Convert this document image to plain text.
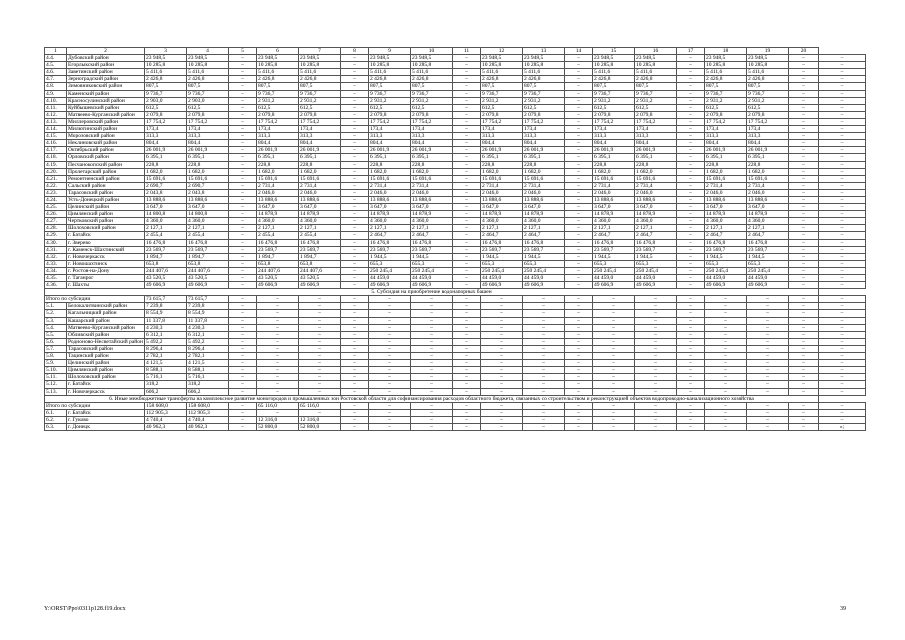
1	2	3	4	5	6	7	8	9	10	11	12	13	14	15	16	17	18	19	20	
4.4.	Дубовский район	23 948,5	23 948,5	–	23 948,5	23 948,5	–	23 948,5	23 948,5	–	23 948,5	23 948,5	–	23 948,5	23 948,5	–	23 948,5	23 948,5	–	–
4.5.	Егорлыкский район	10 285,8	10 285,8	–	10 285,8	10 285,8	–	10 285,8	10 285,8	–	10 285,8	10 285,8	–	10 285,8	10 285,8	–	10 285,8	10 285,8	–	–
4.6.	Заветинский район	5 411,6	5 411,6	–	5 411,6	5 411,6	–	5 411,6	5 411,6	–	5 411,6	5 411,6	–	5 411,6	5 411,6	–	5 411,6	5 411,6	–	–
4.7.	Зерноградский район	2 426,8	2 426,8	–	2 426,8	2 426,8	–	2 426,8	2 426,8	–	2 426,8	2 426,8	–	2 426,8	2 426,8	–	2 426,8	2 426,8	–	–
4.8.	Зимовниковский район	807,5	807,5	–	807,5	807,5	–	807,5	807,5	–	807,5	807,5	–	807,5	807,5	–	807,5	807,5	–	–
4.9.	Каменский район	9 736,7	9 736,7	–	9 736,7	9 736,7	–	9 736,7	9 736,7	–	9 736,7	9 736,7	–	9 736,7	9 736,7	–	9 736,7	9 736,7	–	–
4.10.	Красносулинский район	2 903,0	2 903,0	–	2 931,2	2 931,2	–	2 931,2	2 931,2	–	2 931,2	2 931,2	–	2 931,2	2 931,2	–	2 931,2	2 931,2	–	–
4.11.	Куйбышевский район	612,5	612,5	–	612,5	612,5	–	612,5	612,5	–	612,5	612,5	–	612,5	612,5	–	612,5	612,5	–	–
4.12.	Матвеево-Курганский район	2 079,8	2 079,8	–	2 079,8	2 079,8	–	2 079,8	2 079,8	–	2 079,8	2 079,8	–	2 079,8	2 079,8	–	2 079,8	2 079,8	–	–
4.13.	Миллеровский район	17 754,2	17 754,2	–	17 754,2	17 754,2	–	17 754,2	17 754,2	–	17 754,2	17 754,2	–	17 754,2	17 754,2	–	17 754,2	17 754,2	–	–
4.14.	Милютинский район	173,4	173,4	–	173,4	173,4	–	173,4	173,4	–	173,4	173,4	–	173,4	173,4	–	173,4	173,4	–	–
4.15.	Морозовский район	313,3	313,3	–	313,3	313,3	–	313,3	313,3	–	313,3	313,3	–	313,3	313,3	–	313,3	313,3	–	–
4.16.	Неклиновский район	804,4	804,4	–	804,4	804,4	–	804,4	804,4	–	804,4	804,4	–	804,4	804,4	–	804,4	804,4	–	–
4.17.	Октябрьский район	26 001,9	26 001,9	–	26 001,9	26 001,9	–	26 001,9	26 001,9	–	26 001,9	26 001,9	–	26 001,9	26 001,9	–	26 001,9	26 001,9	–	–
4.18.	Орловский район	6 395,1	6 395,1	–	6 395,1	6 395,1	–	6 395,1	6 395,1	–	6 395,1	6 395,1	–	6 395,1	6 395,1	–	6 395,1	6 395,1	–	–
4.19.	Песчанокопский район	228,8	228,8	–	228,8	228,8	–	228,8	228,8	–	228,8	228,8	–	228,8	228,8	–	228,8	228,8	–	–
4.20.	Пролетарский район	1 682,0	1 682,0	–	1 682,0	1 682,0	–	1 682,0	1 682,0	–	1 682,0	1 682,0	–	1 682,0	1 682,0	–	1 682,0	1 682,0	–	–
4.21.	Ремонтненский район	15 691,6	15 691,6	–	15 691,6	15 691,6	–	15 691,6	15 691,6	–	15 691,6	15 691,6	–	15 691,6	15 691,6	–	15 691,6	15 691,6	–	–
4.22.	Сальский район	2 690,7	2 690,7	–	2 731,4	2 731,4	–	2 731,4	2 731,4	–	2 731,4	2 731,4	–	2 731,4	2 731,4	–	2 731,4	2 731,4	–	–
4.23.	Тарасовский район	2 043,8	2 043,8	–	2 046,0	2 046,0	–	2 046,0	2 046,0	–	2 046,0	2 046,0	–	2 046,0	2 046,0	–	2 046,0	2 046,0	–	–
4.24.	Усть-Донецкий район	13 888,6	13 888,6	–	13 888,6	13 888,6	–	13 888,6	13 888,6	–	13 888,6	13 888,6	–	13 888,6	13 888,6	–	13 888,6	13 888,6	–	–
4.25.	Целинский район	3 647,0	3 647,0	–	3 647,0	3 647,0	–	3 647,0	3 647,0	–	3 647,0	3 647,0	–	3 647,0	3 647,0	–	3 647,0	3 647,0	–	–
4.26.	Цимлянский район	14 800,8	14 800,8	–	14 878,9	14 878,9	–	14 878,9	14 878,9	–	14 878,9	14 878,9	–	14 878,9	14 878,9	–	14 878,9	14 878,9	–	–
4.27.	Чертковский район	4 360,0	4 360,0	–	4 360,0	4 360,0	–	4 360,0	4 360,0	–	4 360,0	4 360,0	–	4 360,0	4 360,0	–	4 360,0	4 360,0	–	–
4.28.	Шолоховский район	2 127,1	2 127,1	–	2 127,1	2 127,1	–	2 127,1	2 127,1	–	2 127,1	2 127,1	–	2 127,1	2 127,1	–	2 127,1	2 127,1	–	–
4.29.	г. Батайск	2 455,4	2 455,4	–	2 455,4	2 455,4	–	2 464,7	2 464,7	–	2 464,7	2 464,7	–	2 464,7	2 464,7	–	2 464,7	2 464,7	–	–
4.30.	г. Зверево	16 476,8	16 476,8	–	16 476,8	16 476,8	–	16 476,8	16 476,8	–	16 476,8	16 476,8	–	16 476,8	16 476,8	–	16 476,8	16 476,8	–	–
4.31.	г. Каменск-Шахтинский	23 569,7	23 569,7	–	23 569,7	23 569,7	–	23 569,7	23 569,7	–	23 569,7	23 569,7	–	23 569,7	23 569,7	–	23 569,7	23 569,7	–	–
4.32.	г. Новочеркасск	1 894,7	1 894,7	–	1 894,7	1 894,7	–	1 944,5	1 944,5	–	1 944,5	1 944,5	–	1 944,5	1 944,5	–	1 944,5	1 944,5	–	–
4.33.	г. Новошахтинск	653,8	653,8	–	653,8	653,8	–	655,3	655,3	–	655,3	655,3	–	655,3	655,3	–	655,3	655,3	–	–
4.34.	г. Ростов-на-Дону	244 407,6	244 407,6	–	244 407,6	244 407,6	–	250 245,4	250 245,4	–	250 245,4	250 245,4	–	250 245,4	250 245,4	–	250 245,4	250 245,4	–	–
4.35.	г. Таганрог	43 520,5	43 520,5	–	43 520,5	43 520,5	–	44 459,0	44 459,0	–	44 459,0	44 459,0	–	44 459,0	44 459,0	–	44 459,0	44 459,0	–	–
4.36.	г. Шахты	49 606,9	49 606,9	–	49 606,9	49 606,9	–	49 606,9	49 606,9	–	49 606,9	49 606,9	–	49 606,9	49 606,9	–	49 606,9	49 606,9	–	–
5. Субсидия на приобретение водонапорных башен																				
Итого по субсидии		73 615,7	73 615,7	–	–	–	–	–	–	–	–	–	–	–	–	–	–	–	–	–
5.1.	Белокалитвинский район	7 239,8	7 239,8	–	–	–	–	–	–	–	–	–	–	–	–	–	–	–	–	–
5.2.	Кагальницкий район	8 554,9	8 554,9	–	–	–	–	–	–	–	–	–	–	–	–	–	–	–	–	–
5.3.	Кашарский район	11 337,8	11 337,8	–	–	–	–	–	–	–	–	–	–	–	–	–	–	–	–	–
5.4.	Матвеево-Курганский район	4 230,3	4 230,3	–	–	–	–	–	–	–	–	–	–	–	–	–	–	–	–	–
5.5.	Обливский район	6 312,1	6 312,1	–	–	–	–	–	–	–	–	–	–	–	–	–	–	–	–	–
5.6.	Родионово-Несветайский район	5 492,2	5 492,2	–	–	–	–	–	–	–	–	–	–	–	–	–	–	–	–	–
5.7.	Тарасовский район	8 296,4	8 296,4	–	–	–	–	–	–	–	–	–	–	–	–	–	–	–	–	–
5.8.	Тацинский район	2 782,1	2 782,1	–	–	–	–	–	–	–	–	–	–	–	–	–	–	–	–	–
5.9.	Целинский район	4 121,5	4 121,5	–	–	–	–	–	–	–	–	–	–	–	–	–	–	–	–	–
5.10.	Цимлянский район	8 588,1	8 588,1	–	–	–	–	–	–	–	–	–	–	–	–	–	–	–	–	–
5.11.	Шолоховский район	5 716,1	5 716,1	–	–	–	–	–	–	–	–	–	–	–	–	–	–	–	–	–
5.12.	г. Батайск	318,2	318,2	–	–	–	–	–	–	–	–	–	–	–	–	–	–	–	–	–
5.13.	г. Новочеркасск	606,2	606,2	–	–	–	–	–	–	–	–	–	–	–	–	–	–	–	–	–
6. Иные межбюджетные трансферты на комплексное развитие моногородов и промышленных зон Ростовской области для софинансирования расходов областного бюджета, связанных со строительством и реконструкцией объектов водопроводно-канализационного хозяйства																				
Итого по субсидии		158 608,0	158 608,0	–	65 116,0	65 116,0	–	–	–	–	–	–	–	–	–	–	–	–	–	–
6.1.	г. Батайск	112 905,3	112 905,3	–	–	–	–	–	–	–	–	–	–	–	–	–	–	–	–	–
6.2.	г. Гуково	4 740,4	4 740,4	–	12 316,0	12 316,0	–	–	–	–	–	–	–	–	–	–	–	–	–	–
6.3.	г. Донецк	40 962,3	40 962,3	–	52 800,0	52 800,0	–	–	–	–	–	–	–	–	–	–	–	–	–	»;
Y:\ORST\Ppo\0311p128.f19.docx	39
